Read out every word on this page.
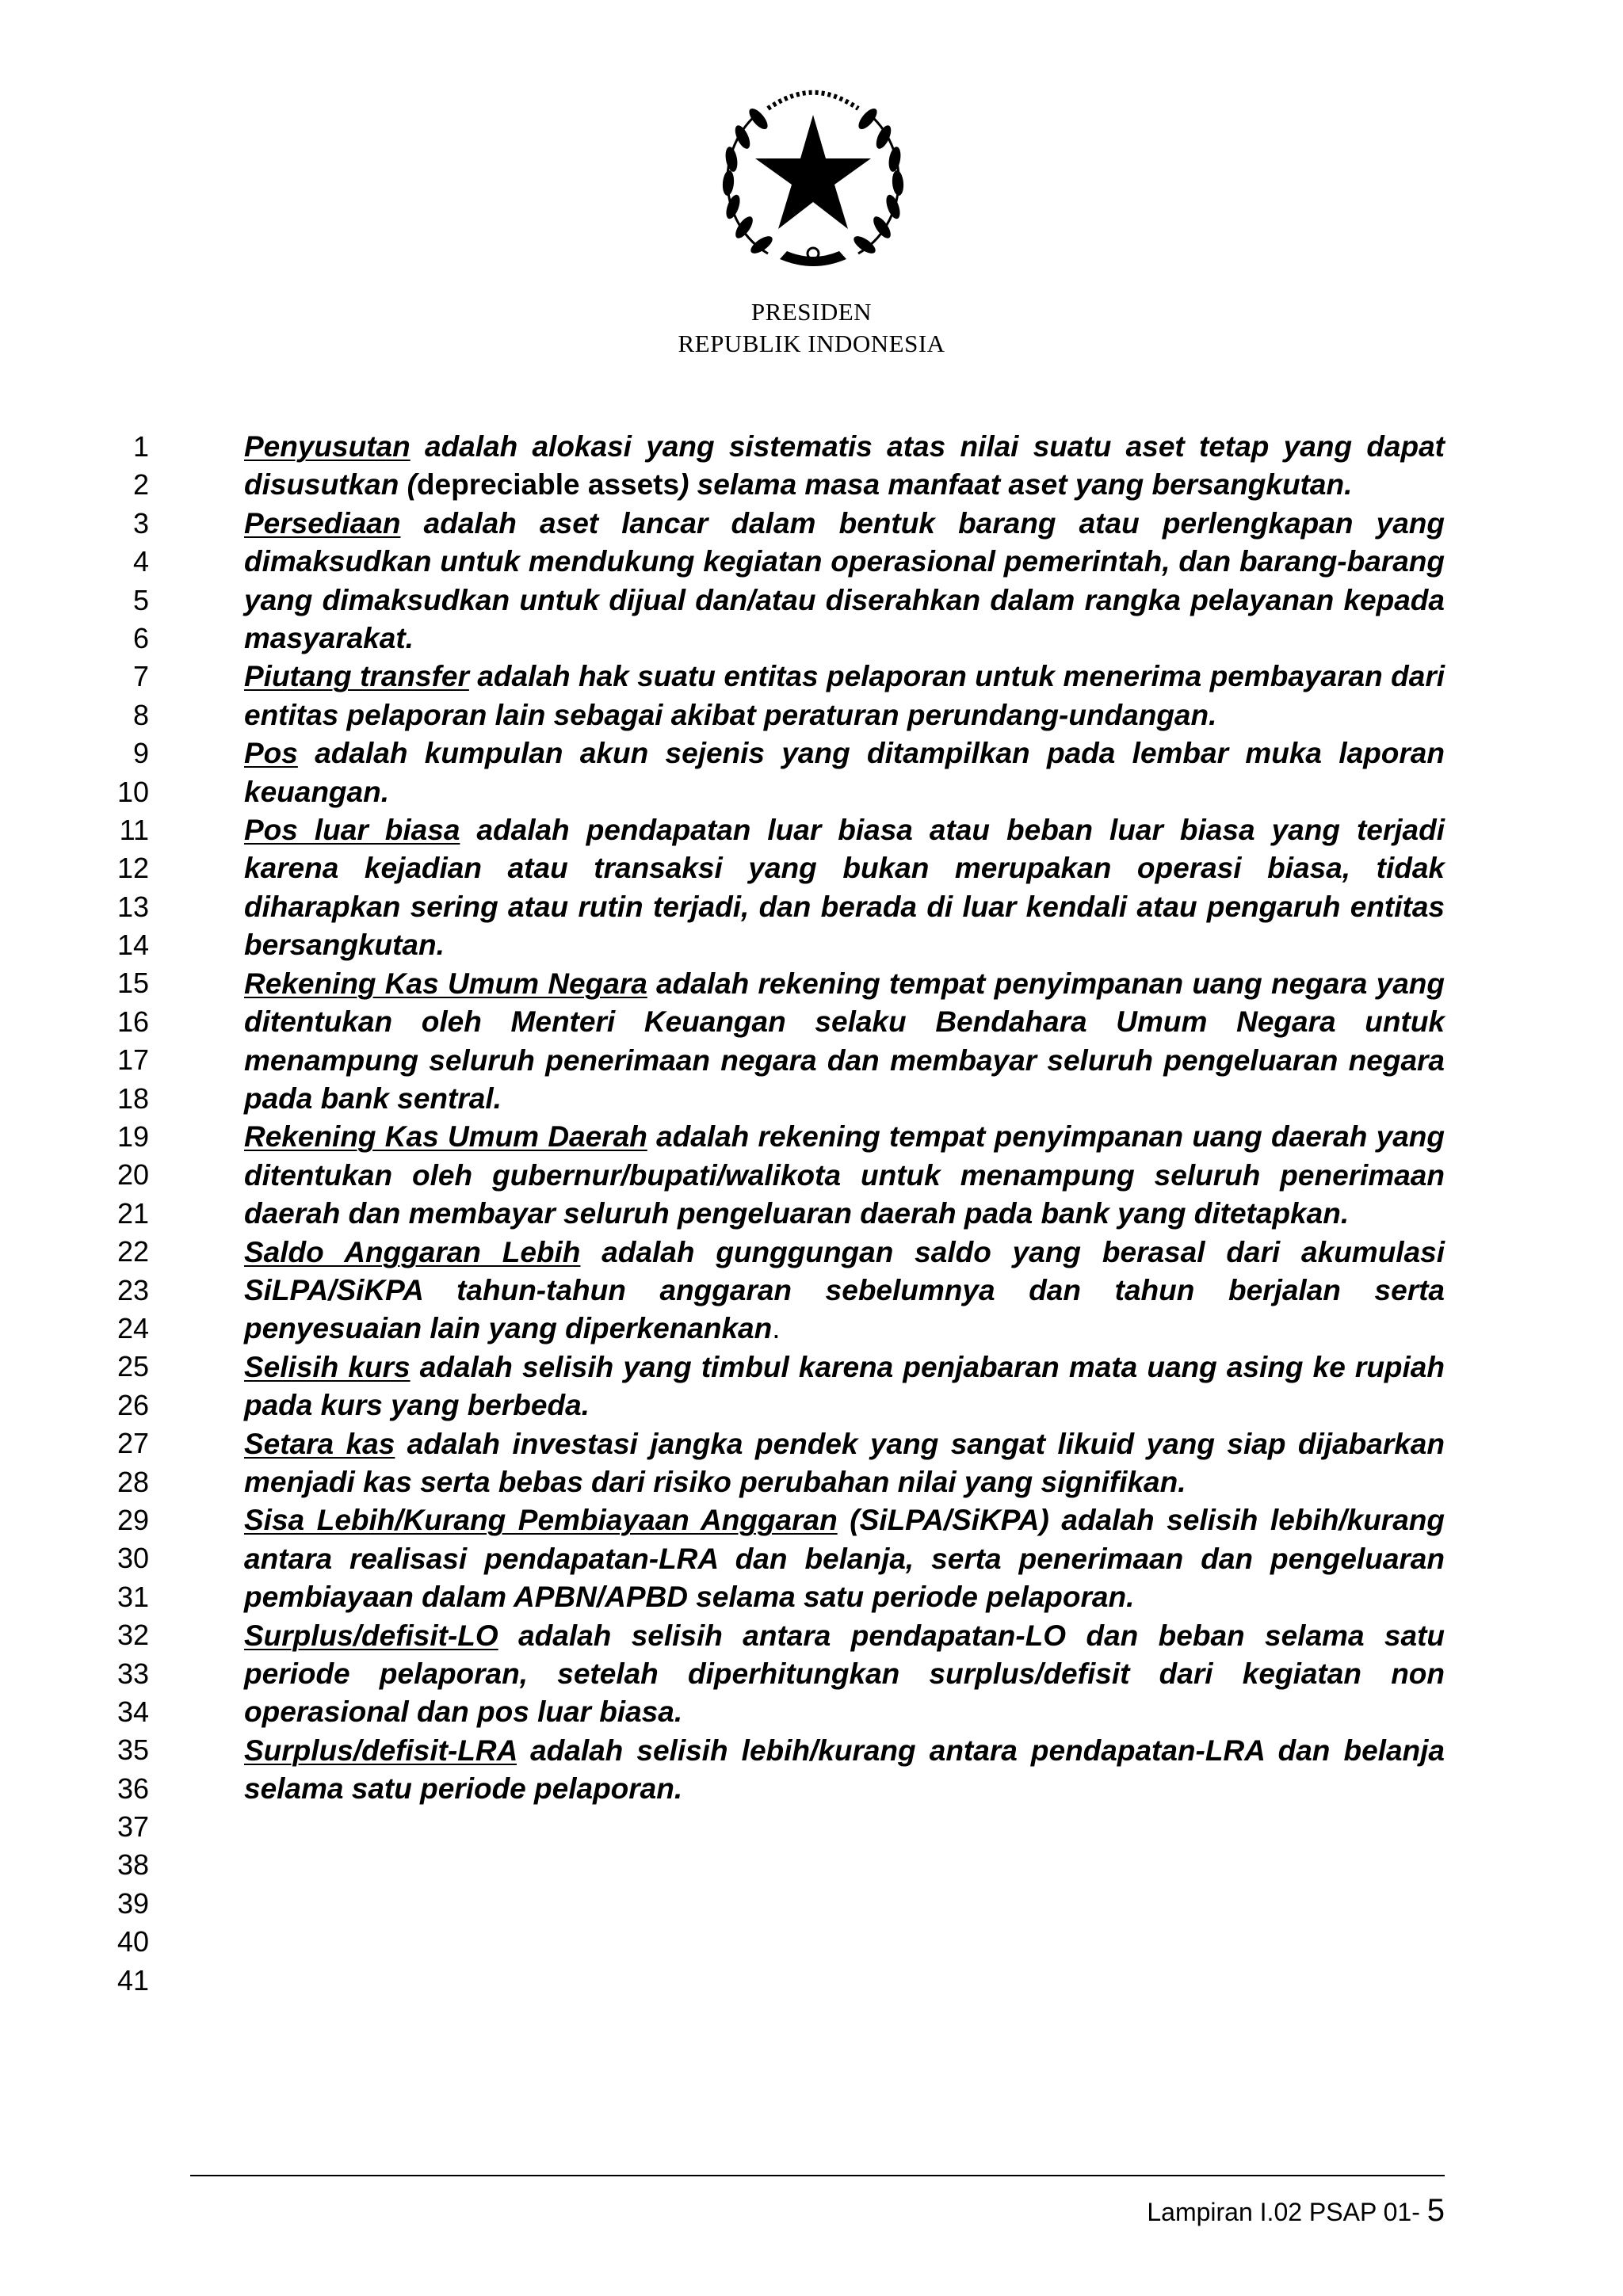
PRESIDEN
REPUBLIK INDONESIA
1
2
3
4
5
6
7
8
9
10
11
12
13
14
15
16
17
18
19
20
21
22
23
24
25
26
27
28
29
30
31
32
33
34
35
36
37
38
39
40
41

Penyusutan adalah alokasi yang sistematis atas nilai suatu aset tetap yang dapat disusutkan (depreciable assets) selama masa manfaat aset yang bersangkutan.

Persediaan adalah aset lancar dalam bentuk barang atau perlengkapan yang dimaksudkan untuk mendukung kegiatan operasional pemerintah, dan barang-barang yang dimaksudkan untuk dijual dan/atau diserahkan dalam rangka pelayanan kepada masyarakat.

Piutang transfer adalah hak suatu entitas pelaporan untuk menerima pembayaran dari entitas pelaporan lain sebagai akibat peraturan perundang-undangan.

Pos adalah kumpulan akun sejenis yang ditampilkan pada lembar muka laporan keuangan.

Pos luar biasa adalah pendapatan luar biasa atau beban luar biasa yang terjadi karena kejadian atau transaksi yang bukan merupakan operasi biasa, tidak diharapkan sering atau rutin terjadi, dan berada di luar kendali atau pengaruh entitas bersangkutan.

Rekening Kas Umum Negara adalah rekening tempat penyimpanan uang negara yang ditentukan oleh Menteri Keuangan selaku Bendahara Umum Negara untuk menampung seluruh penerimaan negara dan membayar seluruh pengeluaran negara pada bank sentral.

Rekening Kas Umum Daerah adalah rekening tempat penyimpanan uang daerah yang ditentukan oleh gubernur/bupati/walikota untuk menampung seluruh penerimaan daerah dan membayar seluruh pengeluaran daerah pada bank yang ditetapkan.

Saldo Anggaran Lebih adalah gunggungan saldo yang berasal dari akumulasi SiLPA/SiKPA tahun-tahun anggaran sebelumnya dan tahun berjalan serta penyesuaian lain yang diperkenankan.

Selisih kurs adalah selisih yang timbul karena penjabaran mata uang asing ke rupiah pada kurs yang berbeda.

Setara kas adalah investasi jangka pendek yang sangat likuid yang siap dijabarkan menjadi kas serta bebas dari risiko perubahan nilai yang signifikan.

Sisa Lebih/Kurang Pembiayaan Anggaran (SiLPA/SiKPA) adalah selisih lebih/kurang antara realisasi pendapatan-LRA dan belanja, serta penerimaan dan pengeluaran pembiayaan dalam APBN/APBD selama satu periode pelaporan.

Surplus/defisit-LO adalah selisih antara pendapatan-LO dan beban selama satu periode pelaporan, setelah diperhitungkan surplus/defisit dari kegiatan non operasional dan pos luar biasa.

Surplus/defisit-LRA adalah selisih lebih/kurang antara pendapatan-LRA dan belanja selama satu periode pelaporan.

Lampiran I.02 PSAP 01- 5
